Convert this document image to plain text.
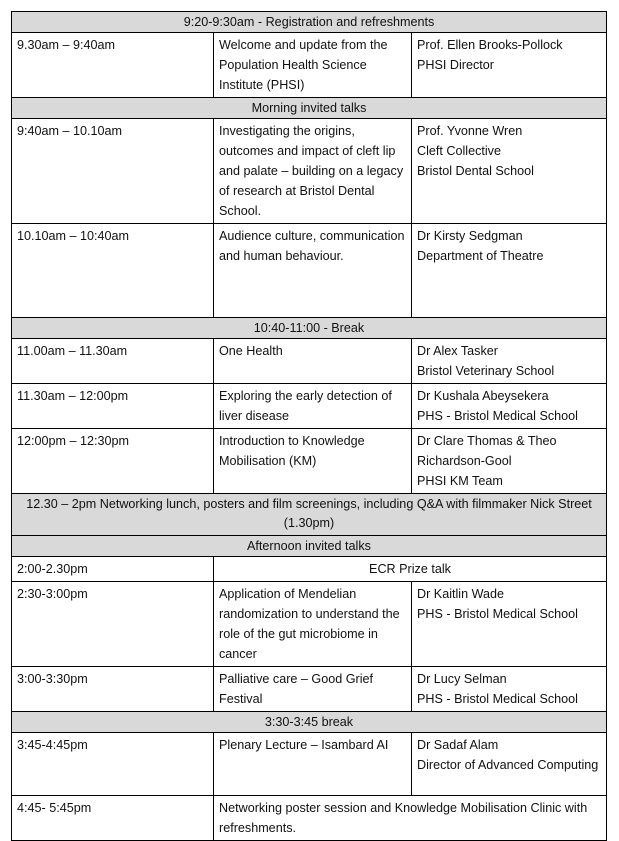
9:20-9:30am - Registration and refreshments		
9.30am – 9:40am	Welcome and update from the Population Health Science Institute (PHSI)	Prof. Ellen Brooks-Pollock
PHSI Director

Morning invited talks		
9:40am – 10.10am	Investigating the origins, outcomes and impact of cleft lip and palate – building on a legacy of research at Bristol Dental School.	Prof. Yvonne Wren
Cleft Collective
Bristol Dental School

10.10am – 10:40am	Audience culture, communication and human behaviour.	Dr Kirsty Sedgman
Department of Theatre

10:40-11:00 - Break		
11.00am – 11.30am	One Health	Dr Alex Tasker
Bristol Veterinary School

11.30am – 12:00pm	Exploring the early detection of liver disease	Dr Kushala Abeysekera
PHS - Bristol Medical School

12:00pm – 12:30pm	Introduction to Knowledge Mobilisation (KM)	Dr Clare Thomas & Theo Richardson-Gool
PHSI KM Team

12.30 – 2pm Networking lunch, posters and film screenings, including Q&A with filmmaker Nick Street (1.30pm)		
Afternoon invited talks		
2:00-2.30pm	ECR Prize talk	
2:30-3:00pm	Application of Mendelian randomization to understand the role of the gut microbiome in cancer	Dr Kaitlin Wade
PHS - Bristol Medical School

3:00-3:30pm	Palliative care – Good Grief Festival	Dr Lucy Selman
PHS - Bristol Medical School

3:30-3:45 break		
3:45-4:45pm	Plenary Lecture – Isambard AI	Dr Sadaf Alam
Director of Advanced Computing

4:45- 5:45pm	Networking poster session and Knowledge Mobilisation Clinic with refreshments.	
